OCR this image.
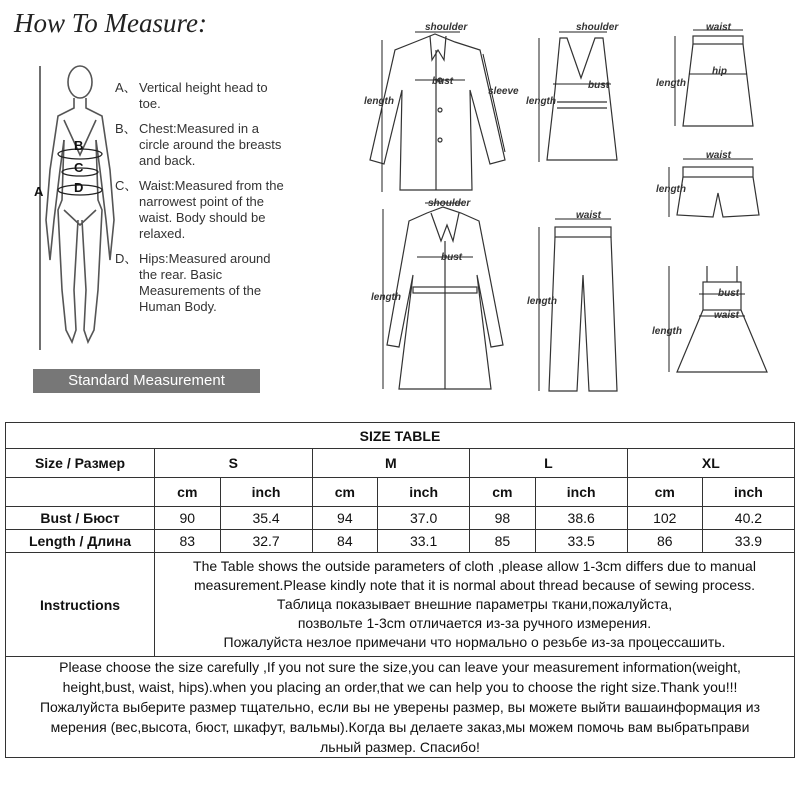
How To Measure:
A
B
C
D
A、 Vertical height head to toe.
B、 Chest:Measured in a circle around the breasts and back.
C、 Waist:Measured from the narrowest point of the waist. Body should be relaxed.
D、 Hips:Measured around the rear. Basic Measurements of the Human Body.
Standard Measurement
shoulder
bust
length
sleeve
shoulder
bust
length
waist
hip
length
waist
length
shoulder
bust
length
waist
length
bust
waist
length
SIZE TABLE								
Size / Размер	S		M		L		XL	
	cm	inch	cm	inch	cm	inch	cm	inch
Bust / Бюст	90	35.4	94	37.0	98	38.6	102	40.2
Length / Длина	83	32.7	84	33.1	85	33.5	86	33.9
Instructions	The Table shows the outside parameters of cloth ,please allow 1-3cm differs due to manual
measurement.Please kindly note that it is normal about thread because of sewing process.
Таблица показывает внешние параметры ткани,пожалуйста,
позвольте 1-3cm отличается из-за ручного измерения.
Пожалуйста незлое примечани что нормально о резьбе из-за процессашить.							

Please choose the size carefully ,If you not sure the size,you can leave your measurement information(weight,
height,bust, waist, hips).when you placing an order,that we can help you to choose the right size.Thank you!!!
Пожалуйста выберите размер тщательно, если вы не уверены размер, вы можете выйти вашаинформация из
мерения (вес,высота, бюст, шкафут, вальмы).Когда вы делаете заказ,мы можем помочь вам выбратьправи
льный размер. Спасибо!								
